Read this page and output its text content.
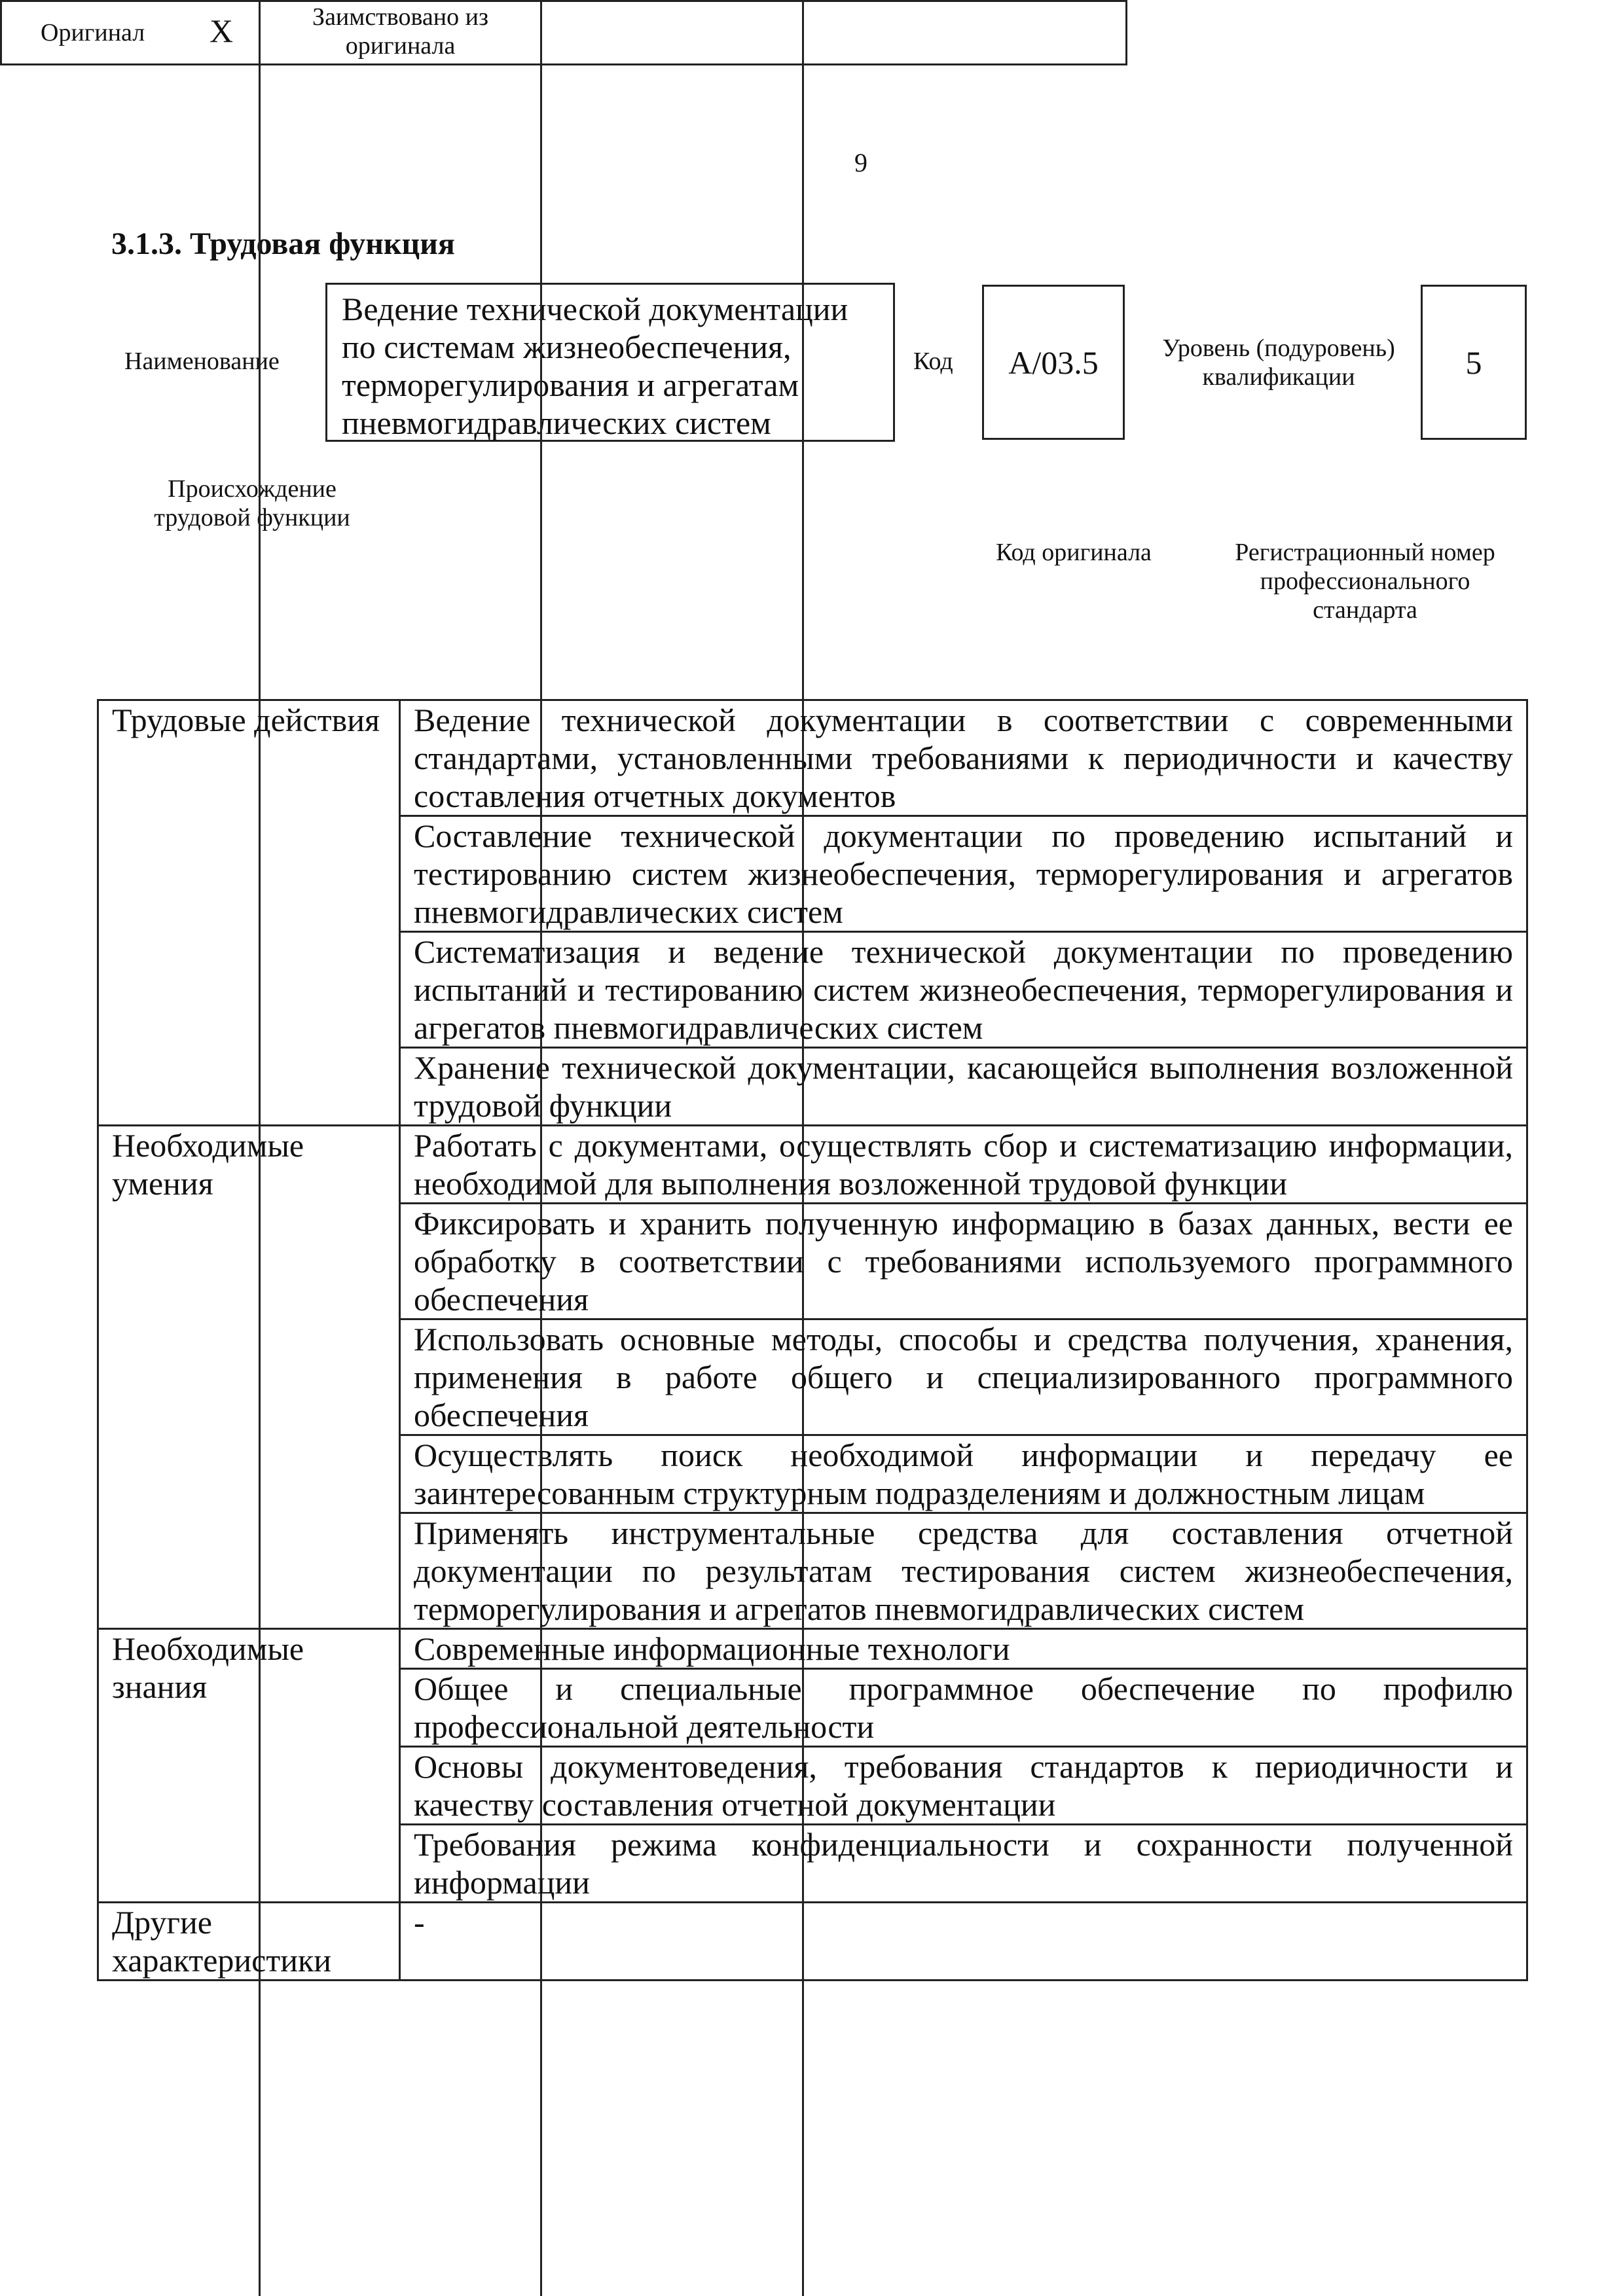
9
3.1.3. Трудовая функция
Наименование
Ведение технической документации
по системам жизнеобеспечения,
терморегулирования и агрегатам
пневмогидравлических систем
Код А/03.5	Уровень (подуровень) квалификации	5
Происхождение трудовой функции
Оригинал X	Заимствовано из оригинала
Код оригинала	Регистрационный номер профессионального стандарта
Трудовые действия	Ведение технической документации в соответствии с современными стандартами, установленными требованиями к периодичности и качеству составления отчетных документов
	Составление технической документации по проведению испытаний и тестированию систем жизнеобеспечения, терморегулирования и агрегатов пневмогидравлических систем
	Систематизация и ведение технической документации по проведению испытаний и тестированию систем жизнеобеспечения, терморегулирования и агрегатов пневмогидравлических систем
	Хранение технической документации, касающейся выполнения возложенной трудовой функции
Необходимые умения	Работать с документами, осуществлять сбор и систематизацию информации, необходимой для выполнения возложенной трудовой функции
	Фиксировать и хранить полученную информацию в базах данных, вести ее обработку в соответствии с требованиями используемого программного обеспечения
	Использовать основные методы, способы и средства получения, хранения, применения в работе общего и специализированного программного обеспечения
	Осуществлять поиск необходимой информации и передачу ее заинтересованным структурным подразделениям и должностным лицам
	Применять инструментальные средства для составления отчетной документации по результатам тестирования систем жизнеобеспечения, терморегулирования и агрегатов пневмогидравлических систем
Необходимые знания	Современные информационные технологи
	Общее и специальные программное обеспечение по профилю профессиональной деятельности
	Основы документоведения, требования стандартов к периодичности и качеству составления отчетной документации
	Требования режима конфиденциальности и сохранности полученной информации
Другие характеристики	-
